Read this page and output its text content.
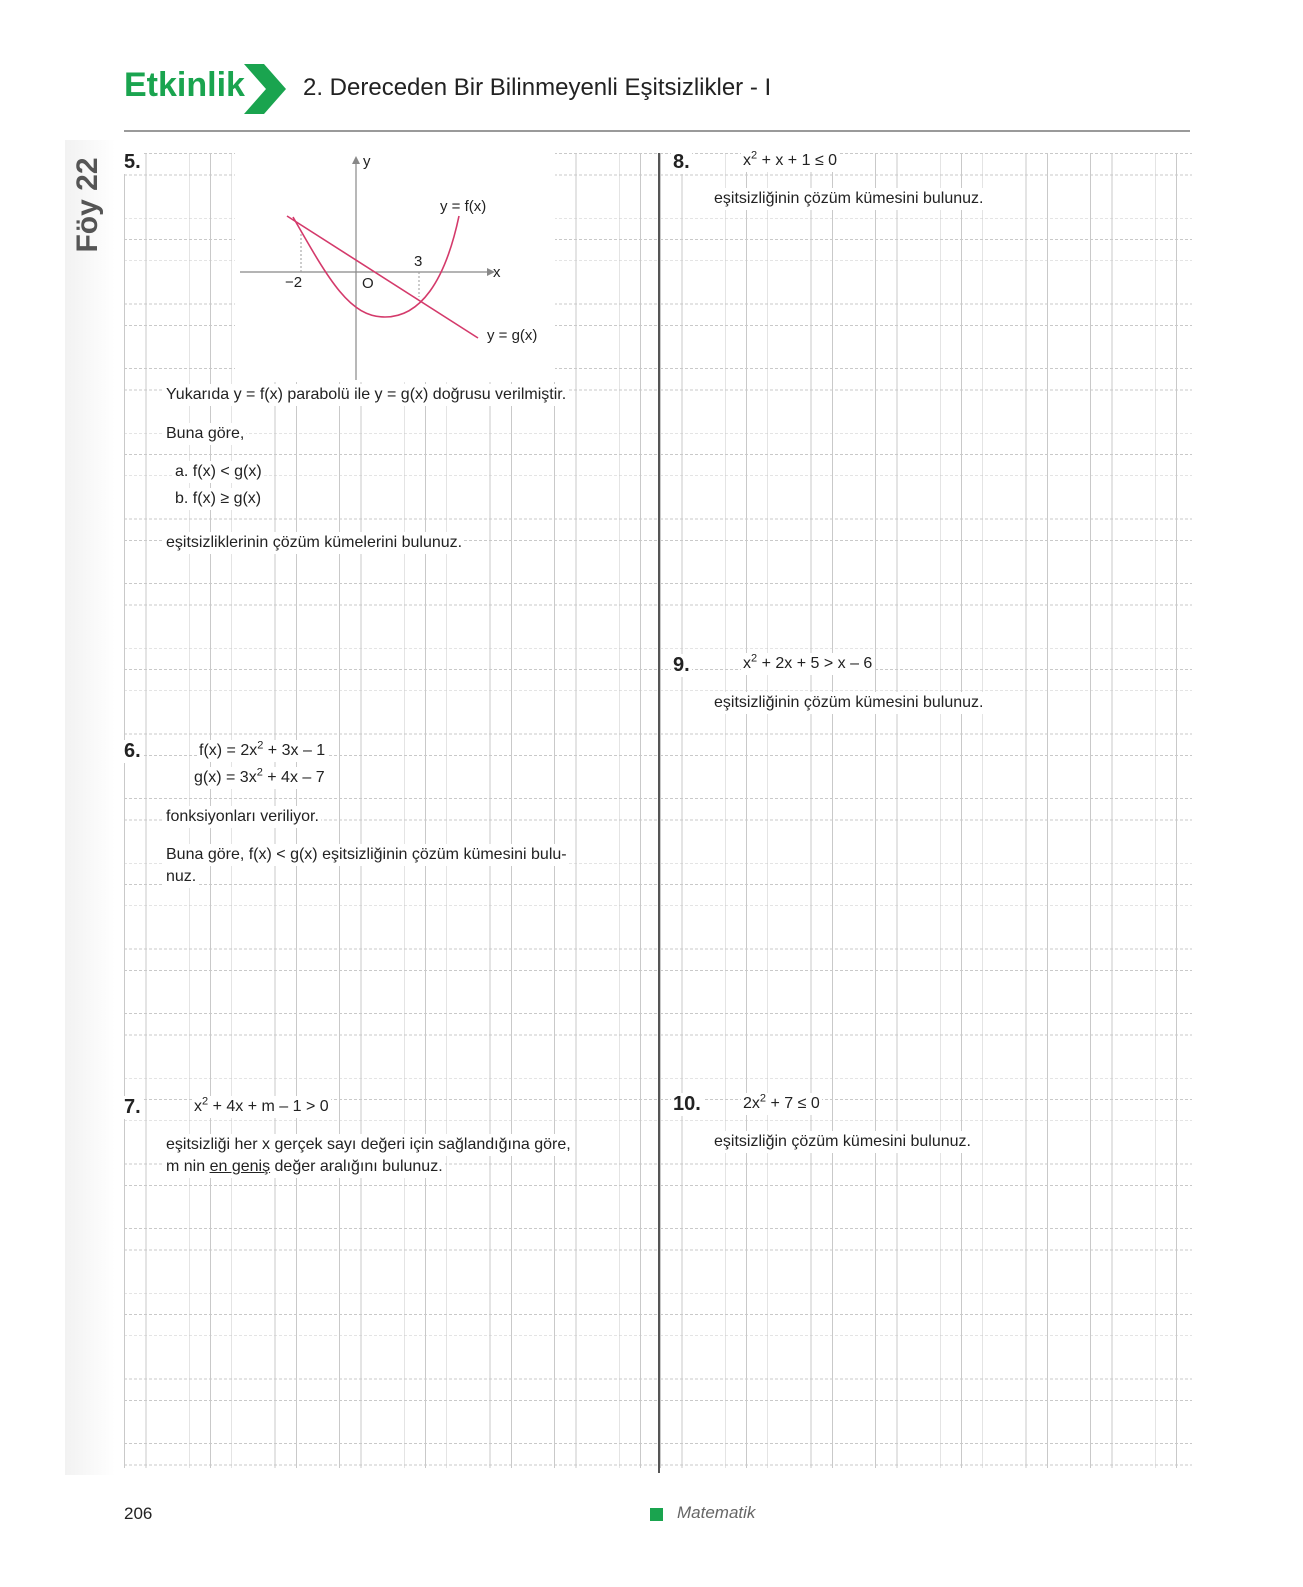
Etkinlik 2. Dereceden Bir Bilinmeyenli Eşitsizlikler - I
Föy 22 5.	y
x
O
−2
3
y = f(x)
y = g(x)
Yukarıda y = f(x) parabolü ile y = g(x) doğrusu verilmiştir.
Buna göre,
a. f(x) < g(x)
b. f(x) ≥ g(x)
eşitsizliklerinin çözüm kümelerini bulunuz.
6.	$f(x) = 2x^2 + 3x - 1$
$g(x) = 3x^2 + 4x - 7$
fonksiyonları veriliyor.
Buna göre, f(x) < g(x) eşitsizliğinin çözüm kümesini bulu-
nuz.
7.	$x^2 + 4x + m - 1 > 0$
eşitsizliği her x gerçek sayı değeri için sağlandığına göre,
m nin en geniş değer aralığını bulunuz.
8.	$x^2 + x + 1 \le 0$
eşitsizliğinin çözüm kümesini bulunuz.
9.	$x^2 + 2x + 5 > x - 6$
eşitsizliğinin çözüm kümesini bulunuz.
10.	$2x^2 + 7 \le 0$
eşitsizliğin çözüm kümesini bulunuz.
206	Matematik
